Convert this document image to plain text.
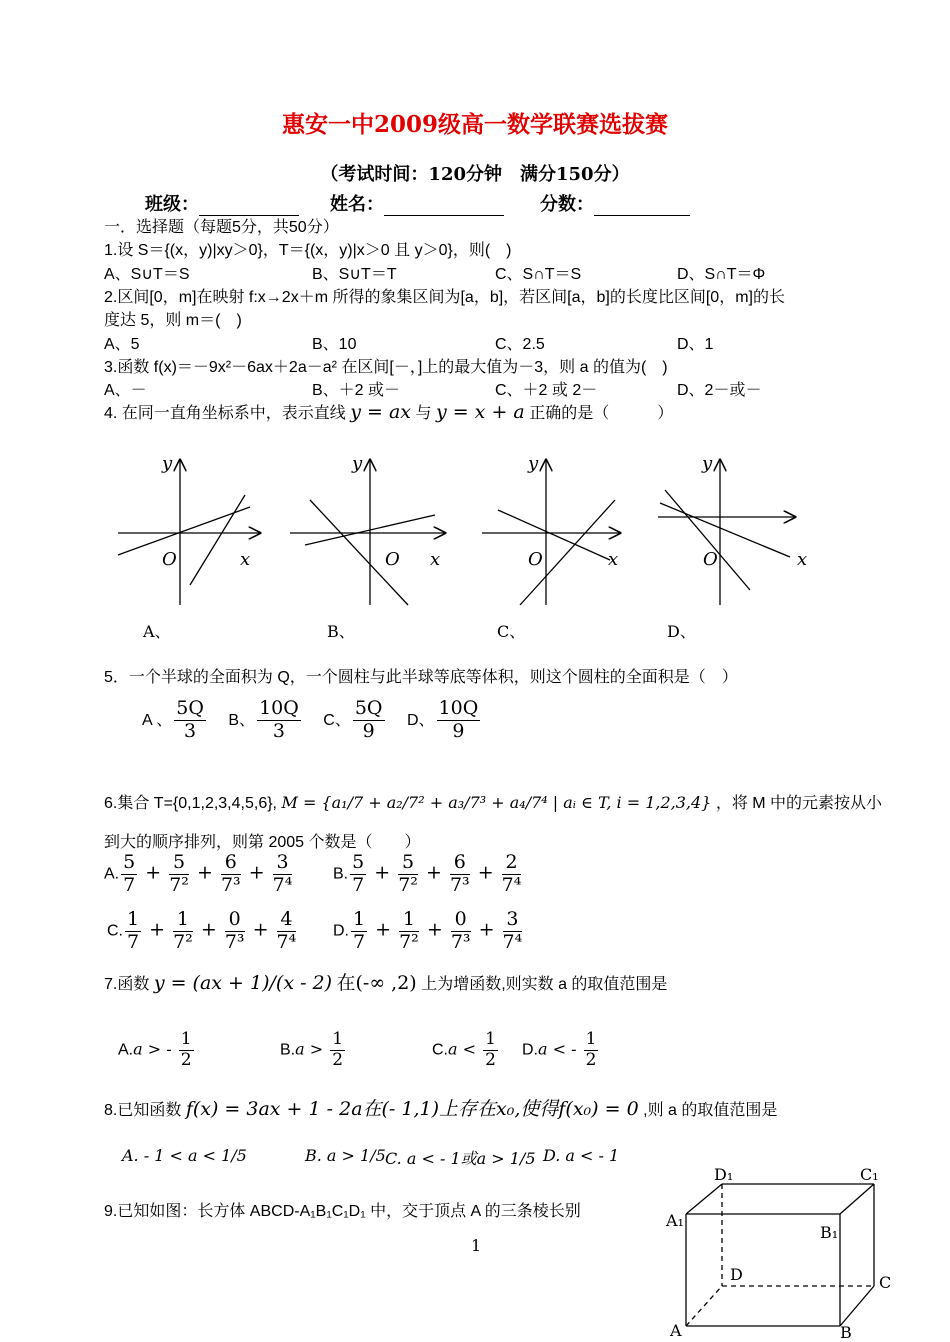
惠安一中2009级高一数学联赛选拔赛
（考试时间：120分钟　满分150分）
班级：	姓名：	分数：
一．选择题（每题5分，共50分）
1.设 S＝{(x，y)|xy＞0}，T＝{(x，y)|x＞0 且 y＞0}，则(　)
A、S∪T＝S	B、S∪T＝T	C、S∩T＝S	D、S∩T＝Φ
2.区间[0，m]在映射 f:x→2x＋m 所得的象集区间为[a，b]，若区间[a，b]的长度比区间[0，m]的长
度达 5，则 m＝(　)
A、5	B、10	C、2.5	D、1
3.函数 f(x)＝－9x²－6ax＋2a－a² 在区间[－，]上的最大值为－3，则 a 的值为(　)
A、－	B、＋2 或－	C、＋2 或 2－	D、2－或－
4. 在同一直角坐标系中，表示直线 y = ax 与 y = x + a 正确的是（　　　）
y
O	x
y
O x
y
O	x
y
O	x
A、	B、	C、	D、
5．一个半球的全面积为 Q，一个圆柱与此半球等底等体积，则这个圆柱的全面积是（　）
A 、 $\frac{5Q}{3}$ B、 $\frac{10Q}{3}$ C、 $\frac{5Q}{9}$ D、 $\frac{10Q}{9}$
6.集合 T={0,1,2,3,4,5,6}, M = {a₁/7 + a₂/7² + a₃/7³ + a₄/7⁴ | aᵢ ∈ T, i = 1,2,3,4} ，将 M 中的元素按从小
到大的顺序排列，则第 2005 个数是（　　）
A. $\frac{5}{7} + \frac{5}{\text{7²}} + \frac{6}{\text{7³}} + \frac{3}{\text{7⁴}}$	B. $\frac{5}{7} + \frac{5}{\text{7²}} + \frac{6}{\text{7³}} + \frac{2}{\text{7⁴}}$
C. $\frac{1}{7} + \frac{1}{\text{7²}} + \frac{0}{\text{7³}} + \frac{4}{\text{7⁴}} D$. $\frac{1}{7} + \frac{1}{\text{7²}} + \frac{0}{\text{7³}} + \frac{3}{\text{7⁴}}$
7.函数 y = (ax + 1)/(x - 2) 在(-∞ ,2) 上为增函数,则实数 a 的取值范围是
A.a > - $\frac{1}{2}$	$B.a > \frac{1}{2}$	$C.a < \frac{1}{2} D.a$ < - $\frac{1}{2}$
8.已知函数 f(x) = 3ax + 1 - 2a在(- 1,1)上存在x₀,使得f(x₀) = 0 ,则 a 的取值范围是
A. - 1 < a < 1/5	B. a > 1/5 C. a < - 1或a > 1/5 D. a < - 1
9.已知如图：长方体 ABCD-A₁B₁C₁D₁ 中，交于顶点 A 的三条棱长别	A₁
D₁	C₁
B₁
D	C
A	B
1
